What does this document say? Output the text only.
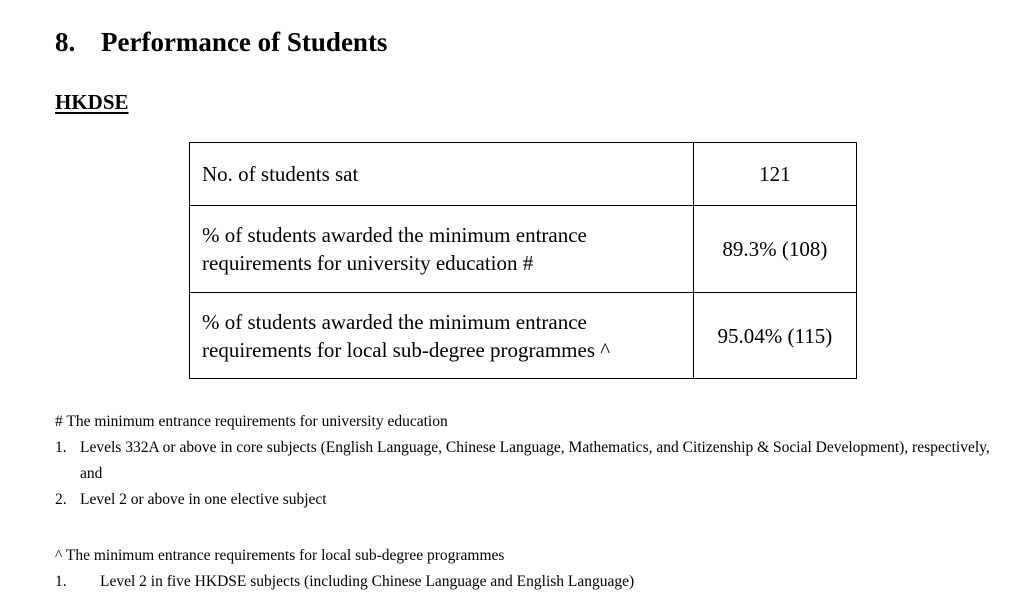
8. Performance of Students
HKDSE
No. of students sat	121
% of students awarded the minimum entrance requirements for university education #	89.3% (108)
% of students awarded the minimum entrance requirements for local sub-degree programmes ^	95.04% (115)
# The minimum entrance requirements for university education
1. Levels 332A or above in core subjects (English Language, Chinese Language, Mathematics, and Citizenship & Social Development), respectively, and
2. Level 2 or above in one elective subject
^ The minimum entrance requirements for local sub-degree programmes
1. Level 2 in five HKDSE subjects (including Chinese Language and English Language)
